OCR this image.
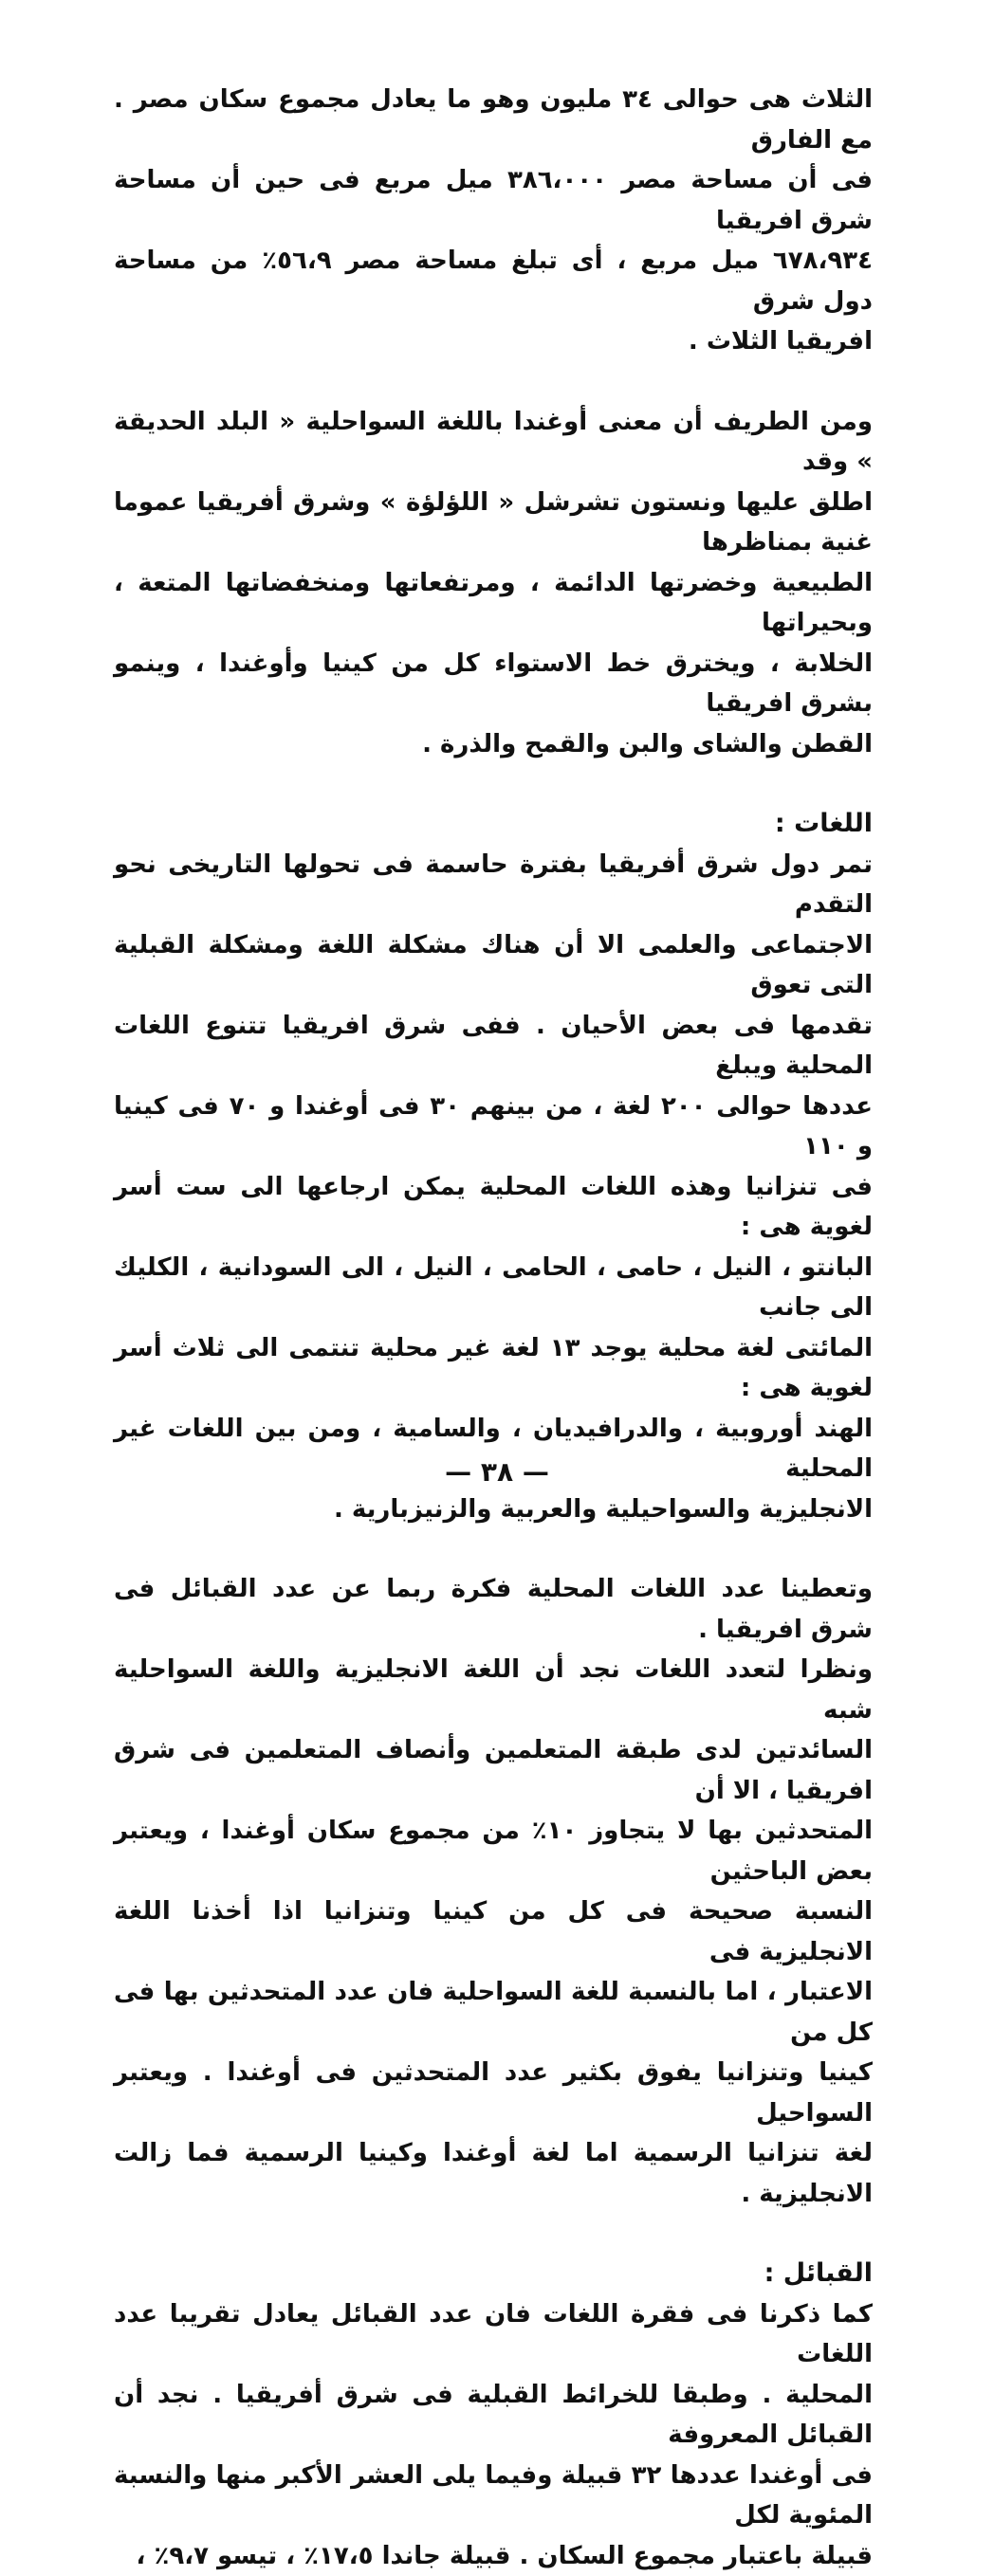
الثلاث هى حوالى ٣٤ مليون وهو ما يعادل مجموع سكان مصر . مع الفارق
فى أن مساحة مصر ٣٨٦،٠٠٠ ميل مربع فى حين أن مساحة شرق افريقيا
٦٧٨،٩٣٤ ميل مربع ، أى تبلغ مساحة مصر ٥٦،٩٪ من مساحة دول شرق
افريقيا الثلاث .
ومن الطريف أن معنى أوغندا باللغة السواحلية « البلد الحديقة » وقد
اطلق عليها ونستون تشرشل « اللؤلؤة » وشرق أفريقيا عموما غنية بمناظرها
الطبيعية وخضرتها الدائمة ، ومرتفعاتها ومنخفضاتها المتعة ، وبحيراتها
الخلابة ، ويخترق خط الاستواء كل من كينيا وأوغندا ، وينمو بشرق افريقيا
القطن والشاى والبن والقمح والذرة .
اللغات :
تمر دول شرق أفريقيا بفترة حاسمة فى تحولها التاريخى نحو التقدم
الاجتماعى والعلمى الا أن هناك مشكلة اللغة ومشكلة القبلية التى تعوق
تقدمها فى بعض الأحيان . ففى شرق افريقيا تتنوع اللغات المحلية ويبلغ
عددها حوالى ٢٠٠ لغة ، من بينهم ٣٠ فى أوغندا و ٧٠ فى كينيا و ١١٠
فى تنزانيا وهذه اللغات المحلية يمكن ارجاعها الى ست أسر لغوية هى :
البانتو ، النيل ، حامى ، الحامى ، النيل ، الى السودانية ، الكليك الى جانب
المائتى لغة محلية يوجد ١٣ لغة غير محلية تنتمى الى ثلاث أسر لغوية هى :
الهند أوروبية ، والدرافيديان ، والسامية ، ومن بين اللغات غير المحلية
الانجليزية والسواحيلية والعربية والزنيزبارية .
وتعطينا عدد اللغات المحلية فكرة ربما عن عدد القبائل فى شرق افريقيا .
ونظرا لتعدد اللغات نجد أن اللغة الانجليزية واللغة السواحلية شبه
السائدتين لدى طبقة المتعلمين وأنصاف المتعلمين فى شرق افريقيا ، الا أن
المتحدثين بها لا يتجاوز ١٠٪ من مجموع سكان أوغندا ، ويعتبر بعض الباحثين
النسبة صحيحة فى كل من كينيا وتنزانيا اذا أخذنا اللغة الانجليزية فى
الاعتبار ، اما بالنسبة للغة السواحلية فان عدد المتحدثين بها فى كل من
كينيا وتنزانيا يفوق بكثير عدد المتحدثين فى أوغندا . ويعتبر السواحيل
لغة تنزانيا الرسمية اما لغة أوغندا وكينيا الرسمية فما زالت الانجليزية .
القبائل :
كما ذكرنا فى فقرة اللغات فان عدد القبائل يعادل تقريبا عدد اللغات
المحلية . وطبقا للخرائط القبلية فى شرق أفريقيا . نجد أن القبائل المعروفة
فى أوغندا عددها ٣٢ قبيلة وفيما يلى العشر الأكبر منها والنسبة المئوية لكل
قبيلة باعتبار مجموع السكان . قبيلة جاندا ١٧،٥٪ ، تيسو ٩،٧٪ ،
— ٣٨ —
